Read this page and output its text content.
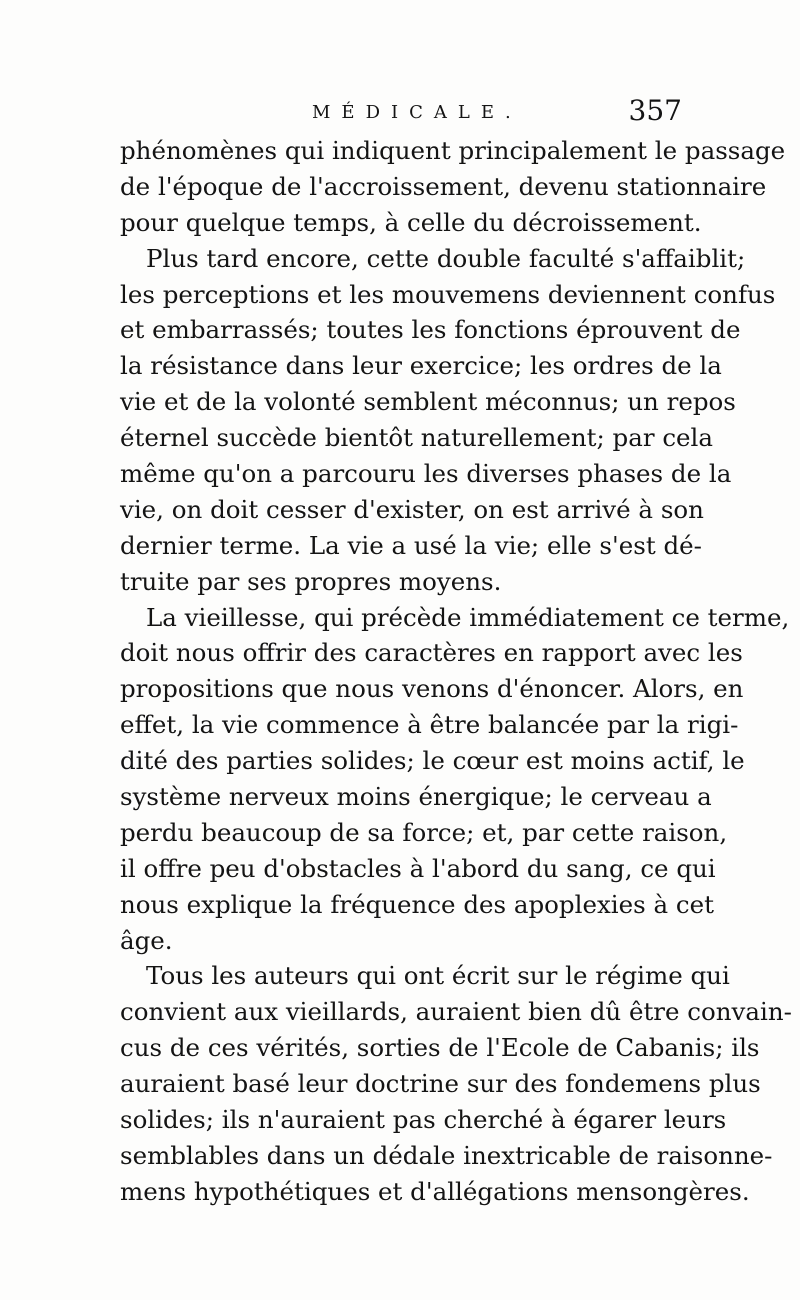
MÉDICALE.	357
phénomènes qui indiquent principalement le passage
de l'époque de l'accroissement, devenu stationnaire
pour quelque temps, à celle du décroissement.
Plus tard encore, cette double faculté s'affaiblit;
les perceptions et les mouvemens deviennent confus
et embarrassés; toutes les fonctions éprouvent de
la résistance dans leur exercice; les ordres de la
vie et de la volonté semblent méconnus; un repos
éternel succède bientôt naturellement; par cela
même qu'on a parcouru les diverses phases de la
vie, on doit cesser d'exister, on est arrivé à son
dernier terme. La vie a usé la vie; elle s'est dé-
truite par ses propres moyens.
La vieillesse, qui précède immédiatement ce terme,
doit nous offrir des caractères en rapport avec les
propositions que nous venons d'énoncer. Alors, en
effet, la vie commence à être balancée par la rigi-
dité des parties solides; le cœur est moins actif, le
système nerveux moins énergique; le cerveau a
perdu beaucoup de sa force; et, par cette raison,
il offre peu d'obstacles à l'abord du sang, ce qui
nous explique la fréquence des apoplexies à cet
âge.
Tous les auteurs qui ont écrit sur le régime qui
convient aux vieillards, auraient bien dû être convain-
cus de ces vérités, sorties de l'Ecole de Cabanis; ils
auraient basé leur doctrine sur des fondemens plus
solides; ils n'auraient pas cherché à égarer leurs
semblables dans un dédale inextricable de raisonne-
mens hypothétiques et d'allégations mensongères.
